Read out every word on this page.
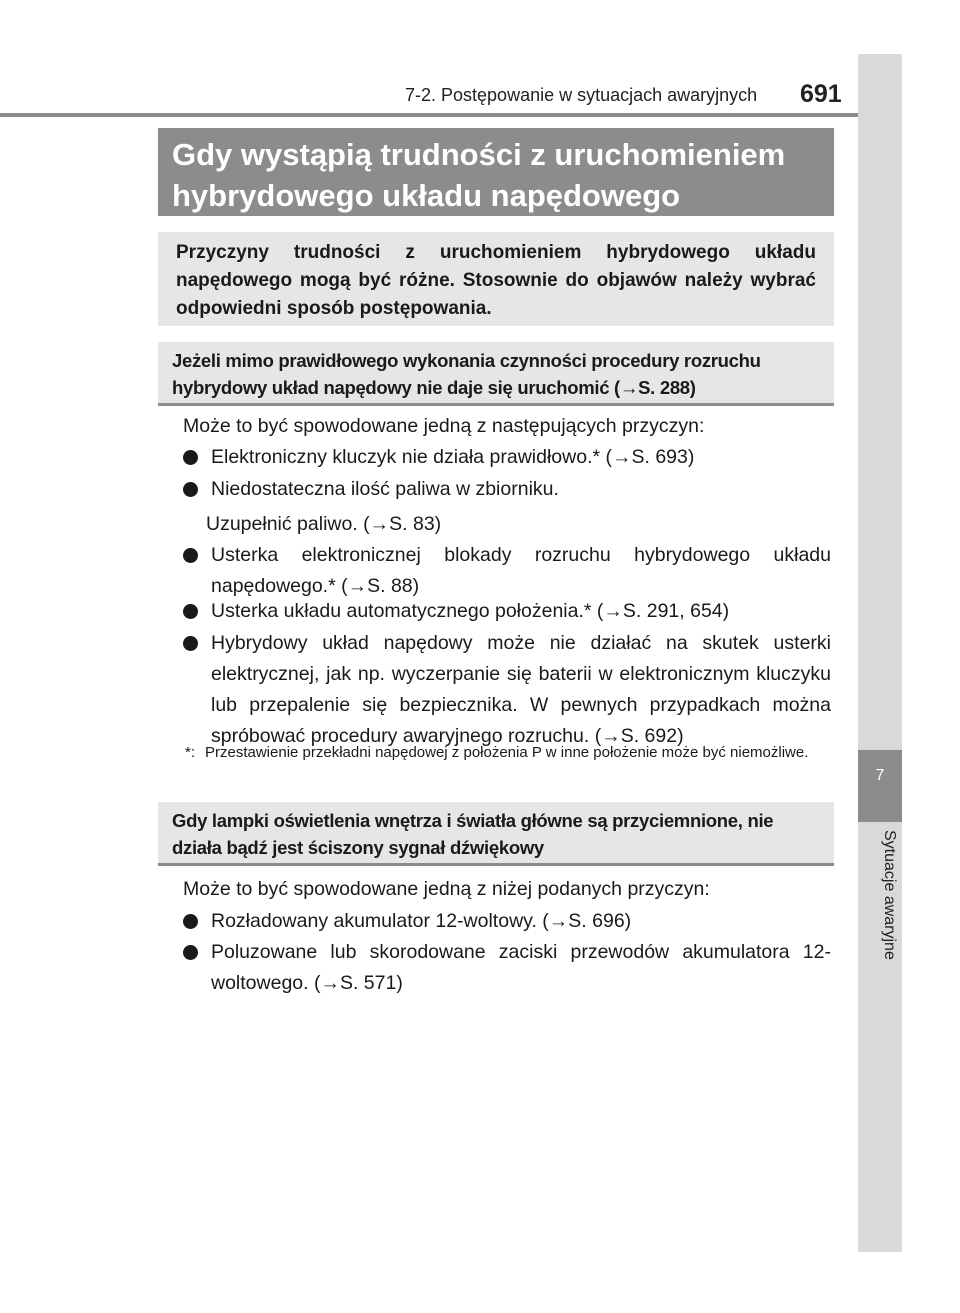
7-2. Postępowanie w sytuacjach awaryjnych 691
7
Sytuacje awaryjne
Gdy wystąpią trudności z uruchomieniem
hybrydowego układu napędowego
Przyczyny trudności z uruchomieniem hybrydowego układu napędowego mogą być różne. Stosownie do objawów należy wybrać odpowiedni sposób postępowania.
Jeżeli mimo prawidłowego wykonania czynności procedury rozruchu hybrydowy układ napędowy nie daje się uruchomić (→S. 288)
Może to być spowodowane jedną z następujących przyczyn:
Elektroniczny kluczyk nie działa prawidłowo.* (→S. 693)
Niedostateczna ilość paliwa w zbiorniku.
Uzupełnić paliwo. (→S. 83)
Usterka elektronicznej blokady rozruchu hybrydowego układu napędowego.* (→S. 88)
Usterka układu automatycznego położenia.* (→S. 291, 654)
Hybrydowy układ napędowy może nie działać na skutek usterki elektrycznej, jak np. wyczerpanie się baterii w elektronicznym kluczyku lub przepalenie się bezpiecznika. W pewnych przypadkach można spróbować procedury awaryjnego rozruchu. (→S. 692)
*: Przestawienie przekładni napędowej z położenia P w inne położenie może być niemożliwe.
Gdy lampki oświetlenia wnętrza i światła główne są przyciemnione, nie działa bądź jest ściszony sygnał dźwiękowy
Może to być spowodowane jedną z niżej podanych przyczyn:
Rozładowany akumulator 12-woltowy. (→S. 696)
Poluzowane lub skorodowane zaciski przewodów akumulatora 12-woltowego. (→S. 571)
